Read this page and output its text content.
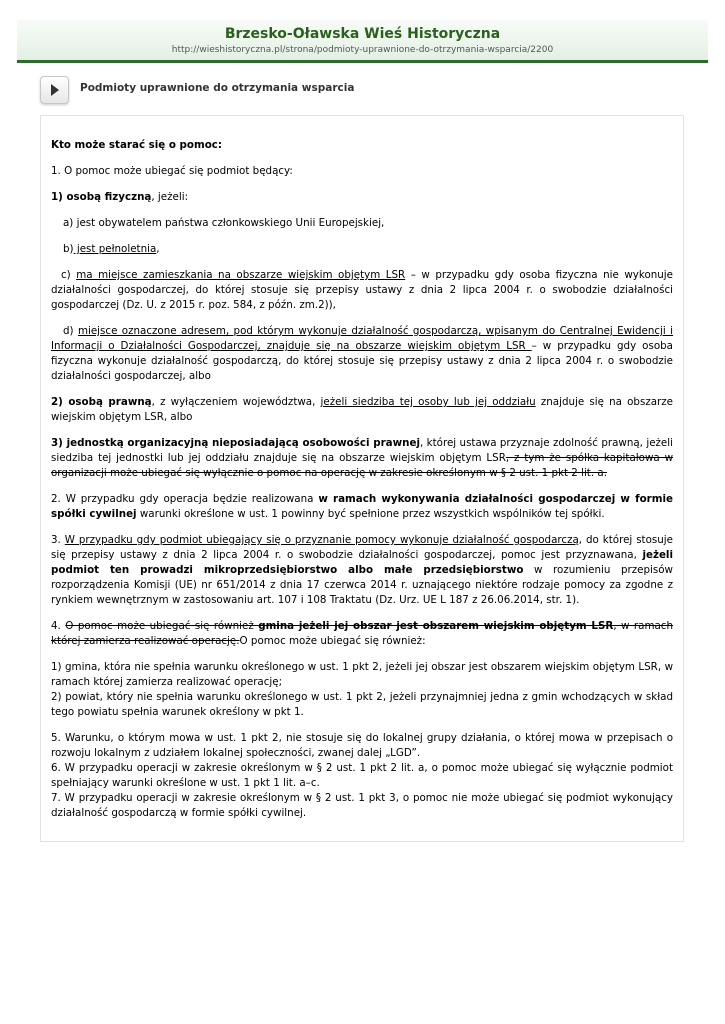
Brzesko-Oławska Wieś Historyczna
http://wieshistoryczna.pl/strona/podmioty-uprawnione-do-otrzymania-wsparcia/2200
Podmioty uprawnione do otrzymania wsparcia

Kto może starać się o pomoc:

1. O pomoc może ubiegać się podmiot będący:

1) osobą fizyczną, jeżeli:

a) jest obywatelem państwa członkowskiego Unii Europejskiej,

b) jest pełnoletnia,

c) ma miejsce zamieszkania na obszarze wiejskim objętym LSR – w przypadku gdy osoba fizyczna nie wykonuje działalności gospodarczej, do której stosuje się przepisy ustawy z dnia 2 lipca 2004 r. o swobodzie działalności gospodarczej (Dz. U. z 2015 r. poz. 584, z późn. zm.2)),

d) miejsce oznaczone adresem, pod którym wykonuje działalność gospodarczą, wpisanym do Centralnej Ewidencji i Informacji o Działalności Gospodarczej, znajduje się na obszarze wiejskim objętym LSR – w przypadku gdy osoba fizyczna wykonuje działalność gospodarczą, do której stosuje się przepisy ustawy z dnia 2 lipca 2004 r. o swobodzie działalności gospodarczej, albo

2) osobą prawną, z wyłączeniem województwa, jeżeli siedziba tej osoby lub jej oddziału znajduje się na obszarze wiejskim objętym LSR, albo

3) jednostką organizacyjną nieposiadającą osobowości prawnej, której ustawa przyznaje zdolność prawną, jeżeli siedziba tej jednostki lub jej oddziału znajduje się na obszarze wiejskim objętym LSR, z tym że spółka kapitałowa w organizacji może ubiegać się wyłącznie o pomoc na operację w zakresie określonym w § 2 ust. 1 pkt 2 lit. a.

2. W przypadku gdy operacja będzie realizowana w ramach wykonywania działalności gospodarczej w formie spółki cywilnej warunki określone w ust. 1 powinny być spełnione przez wszystkich wspólników tej spółki.

3. W przypadku gdy podmiot ubiegający się o przyznanie pomocy wykonuje działalność gospodarczą, do której stosuje się przepisy ustawy z dnia 2 lipca 2004 r. o swobodzie działalności gospodarczej, pomoc jest przyznawana, jeżeli podmiot ten prowadzi mikroprzedsiębiorstwo albo małe przedsiębiorstwo w rozumieniu przepisów rozporządzenia Komisji (UE) nr 651/2014 z dnia 17 czerwca 2014 r. uznającego niektóre rodzaje pomocy za zgodne z rynkiem wewnętrznym w zastosowaniu art. 107 i 108 Traktatu (Dz. Urz. UE L 187 z 26.06.2014, str. 1).

4. O pomoc może ubiegać się również gmina jeżeli jej obszar jest obszarem wiejskim objętym LSR, w ramach której zamierza realizować operację.O pomoc może ubiegać się również:

1) gmina, która nie spełnia warunku określonego w ust. 1 pkt 2, jeżeli jej obszar jest obszarem wiejskim objętym LSR, w ramach której zamierza realizować operację;
2) powiat, który nie spełnia warunku określonego w ust. 1 pkt 2, jeżeli przynajmniej jedna z gmin wchodzących w skład tego powiatu spełnia warunek określony w pkt 1.

5. Warunku, o którym mowa w ust. 1 pkt 2, nie stosuje się do lokalnej grupy działania, o której mowa w przepisach o rozwoju lokalnym z udziałem lokalnej społeczności, zwanej dalej „LGD”.
6. W przypadku operacji w zakresie określonym w § 2 ust. 1 pkt 2 lit. a, o pomoc może ubiegać się wyłącznie podmiot spełniający warunki określone w ust. 1 pkt 1 lit. a–c.
7. W przypadku operacji w zakresie określonym w § 2 ust. 1 pkt 3, o pomoc nie może ubiegać się podmiot wykonujący działalność gospodarczą w formie spółki cywilnej.
